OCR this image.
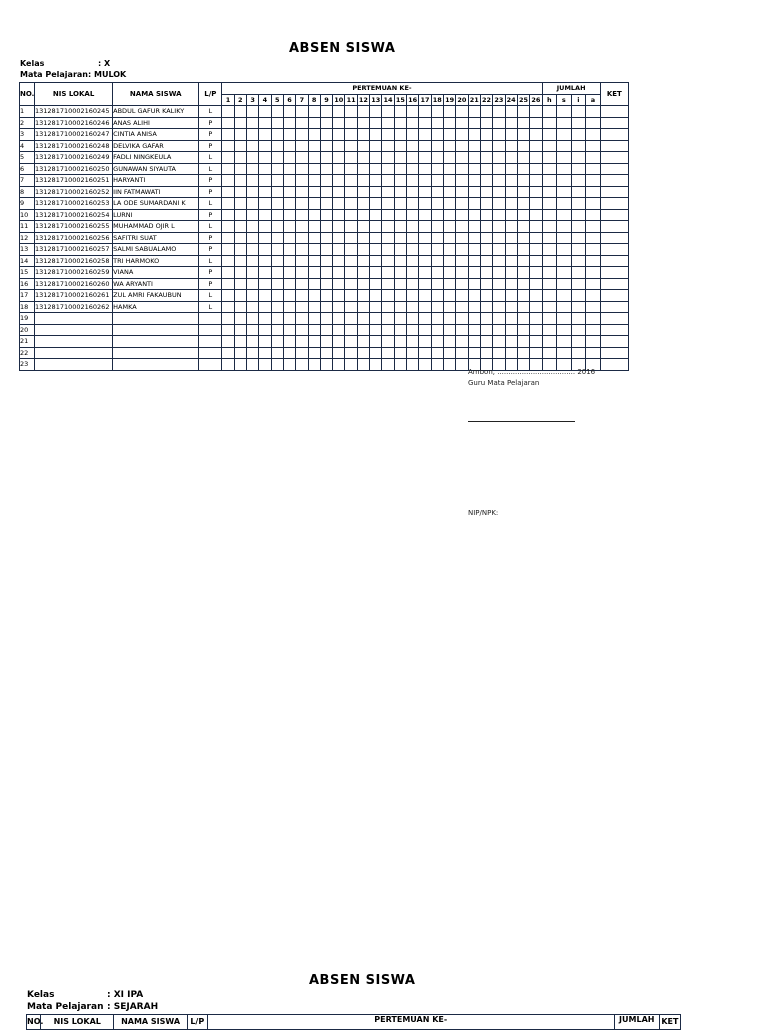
ABSEN SISWA
Kelas	: X
Mata Pelajaran: MULOK
NO.	NIS LOKAL	NAMA SISWA	L/P	PERTEMUAN KE-																										JUMLAH				KET
				1	2	3	4	5	6	7	8	9	10	11	12	13	14	15	16	17	18	19	20	21	22	23	24	25	26	h	s	i	a	
1	131281710002160245	ABDUL GAFUR KALIKY	L																															
2	131281710002160246	ANAS ALIHI	P																															
3	131281710002160247	CINTIA ANISA	P																															
4	131281710002160248	DELVIKA GAFAR	P																															
5	131281710002160249	FADLI NINGKEULA	L																															
6	131281710002160250	GUNAWAN SIYAUTA	L																															
7	131281710002160251	HARYANTI	P																															
8	131281710002160252	IIN FATMAWATI	P																															
9	131281710002160253	LA ODE SUMARDANI K	L																															
10	131281710002160254	LURNI	P																															
11	131281710002160255	MUHAMMAD OJIR L	L																															
12	131281710002160256	SAFITRI SUAT	P																															
13	131281710002160257	SALMI SABUALAMO	P																															
14	131281710002160258	TRI HARMOKO	L																															
15	131281710002160259	VIANA	P																															
16	131281710002160260	WA ARYANTI	P																															
17	131281710002160261	ZUL AMRI FAKAUBUN	L																															
18	131281710002160262	HAMKA	L																															
19																																		
20																																		
21																																		
22																																		
23																																		
Ambon, ................................... 2016
Guru Mata Pelajaran
NIP/NPK:
ABSEN SISWA
Kelas	: XI IPA
Mata Pelajaran : SEJARAH
NO.	NIS LOKAL	NAMA SISWA	L/P	PERTEMUAN KE-	JUMLAH	KET
